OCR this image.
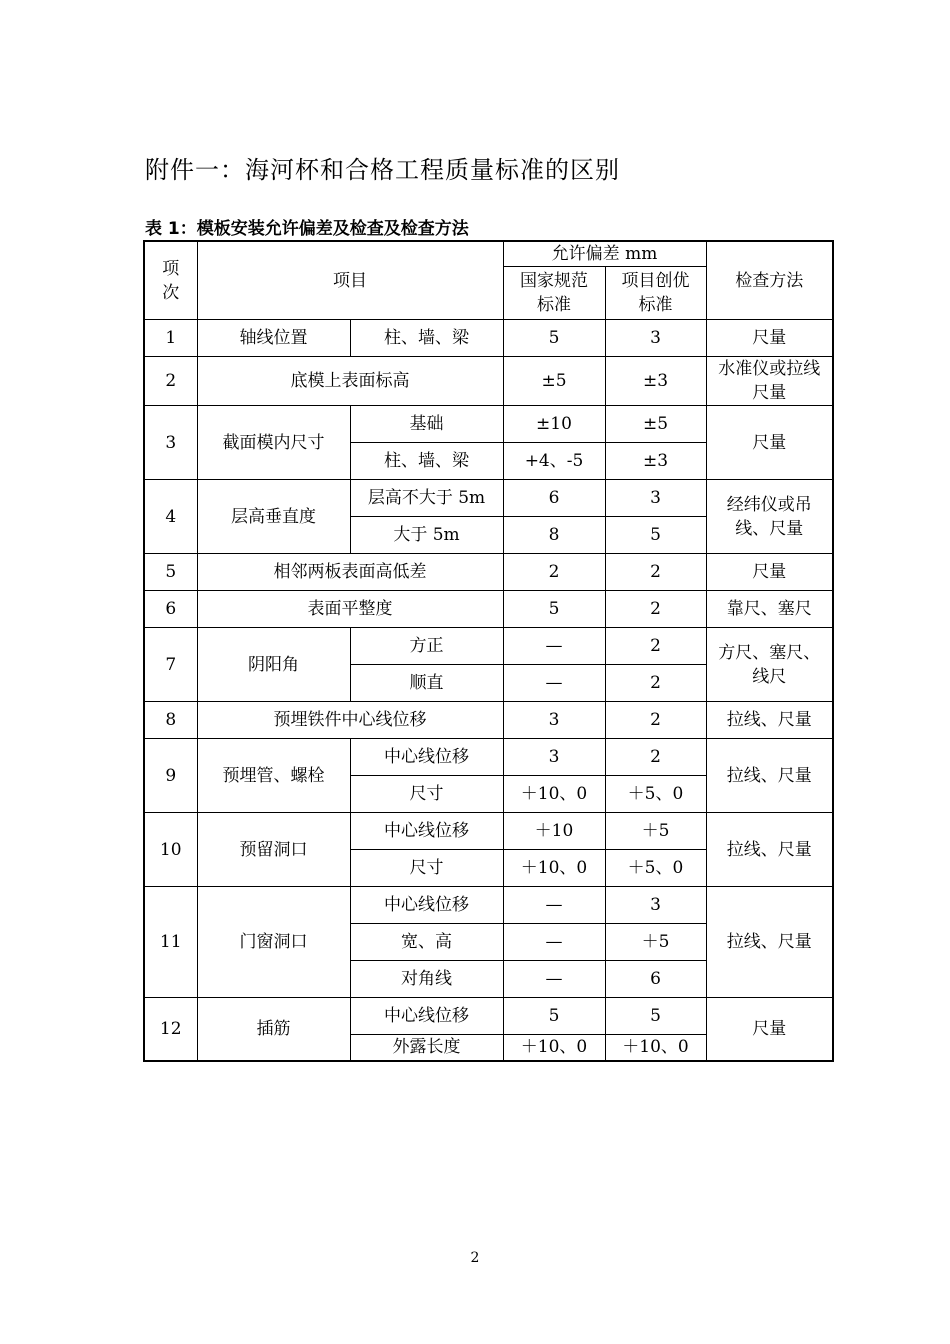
附件一：海河杯和合格工程质量标准的区别
表 1：模板安装允许偏差及检查及检查方法
项次	项目		允许偏差 mm		检查方法
			国家规范标准	项目创优标准	
1	轴线位置	柱、墙、梁	5	3	尺量
2	底模上表面标高		±5	±3	水准仪或拉线尺量
3	截面模内尺寸	基础	±10	±5	尺量
		柱、墙、梁	+4、-5	±3	
4	层高垂直度	层高不大于 5m	6	3	经纬仪或吊线、尺量
		大于 5m	8	5	
5	相邻两板表面高低差		2	2	尺量
6	表面平整度		5	2	靠尺、塞尺
7	阴阳角	方正	—	2	方尺、塞尺、线尺
		顺直	—	2	
8	预埋铁件中心线位移		3	2	拉线、尺量
9	预埋管、螺栓	中心线位移	3	2	拉线、尺量
		尺寸	＋10、0	＋5、0	
10	预留洞口	中心线位移	＋10	＋5	拉线、尺量
		尺寸	＋10、0	＋5、0	
11	门窗洞口	中心线位移	—	3	拉线、尺量
		宽、高	—	＋5	
		对角线	—	6	
12	插筋	中心线位移	5	5	尺量
		外露长度	＋10、0	＋10、0	
2
